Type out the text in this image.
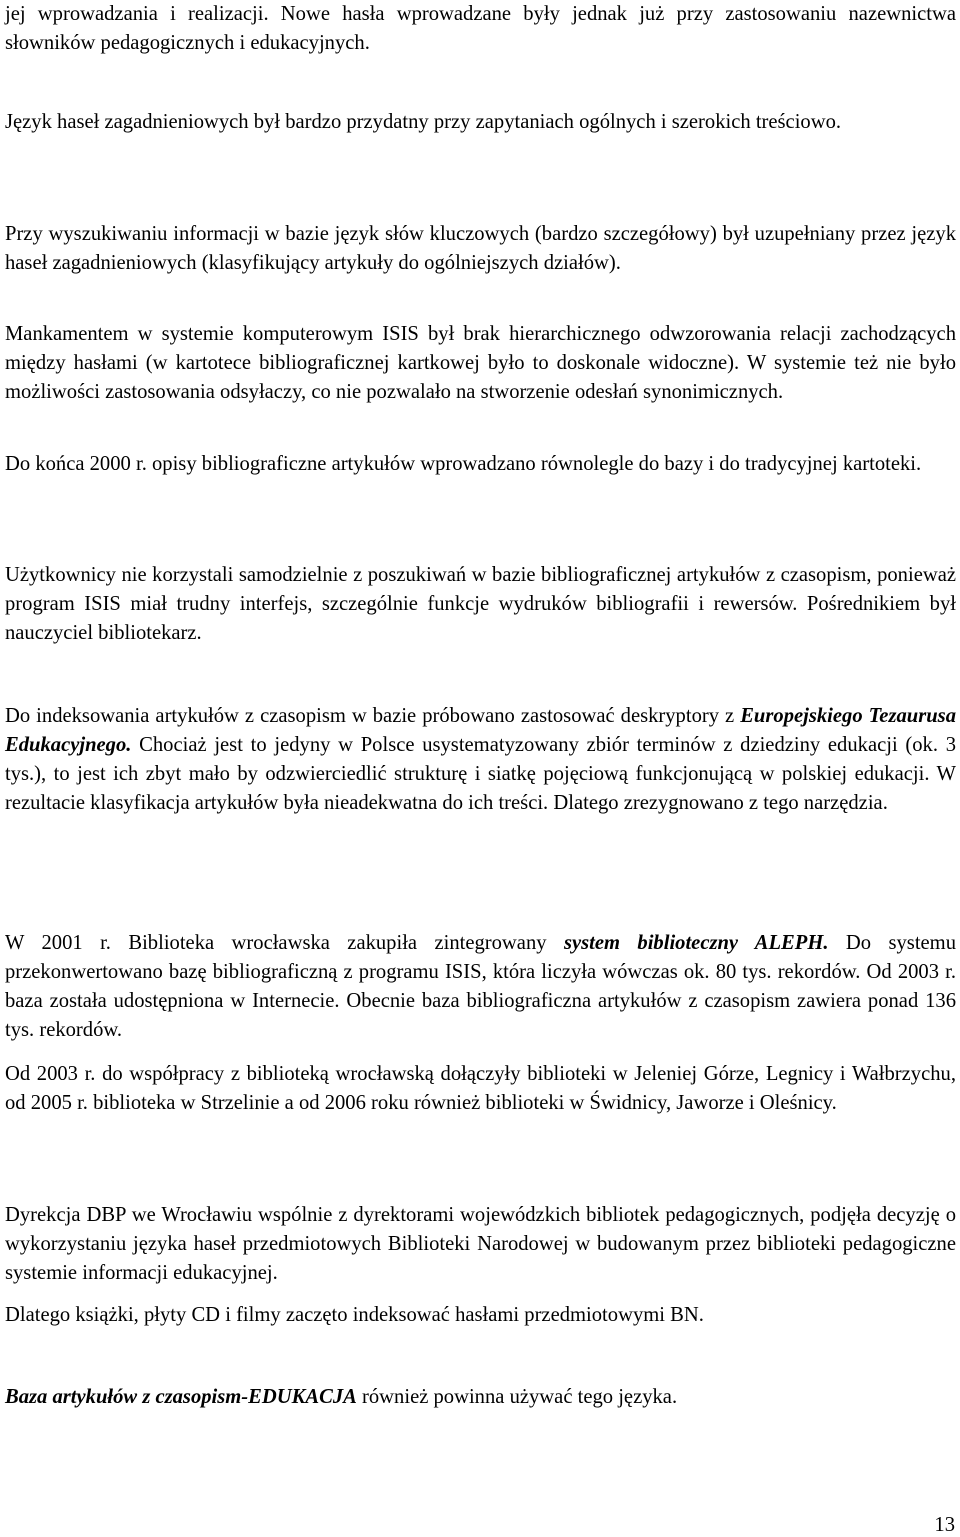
jej wprowadzania i realizacji. Nowe hasła wprowadzane były jednak już przy zastosowaniu nazewnictwa słowników pedagogicznych i edukacyjnych.

Język haseł zagadnieniowych był bardzo przydatny przy zapytaniach ogólnych i szerokich treściowo.

Przy wyszukiwaniu informacji w bazie język słów kluczowych (bardzo szczegółowy) był uzupełniany przez język haseł zagadnieniowych (klasyfikujący artykuły do ogólniejszych działów).

Mankamentem w systemie komputerowym ISIS był brak hierarchicznego odwzorowania relacji zachodzących między hasłami (w kartotece bibliograficznej kartkowej było to doskonale widoczne). W systemie też nie było możliwości zastosowania odsyłaczy, co nie pozwalało na stworzenie odesłań synonimicznych.

Do końca 2000 r. opisy bibliograficzne artykułów wprowadzano równolegle do bazy i do tradycyjnej kartoteki.

Użytkownicy nie korzystali samodzielnie z poszukiwań w bazie bibliograficznej artykułów z czasopism, ponieważ program ISIS miał trudny interfejs, szczególnie funkcje wydruków bibliografii i rewersów. Pośrednikiem był nauczyciel bibliotekarz.

Do indeksowania artykułów z czasopism w bazie próbowano zastosować deskryptory z Europejskiego Tezaurusa Edukacyjnego. Chociaż jest to jedyny w Polsce usystematyzowany zbiór terminów z dziedziny edukacji (ok. 3 tys.), to jest ich zbyt mało by odzwierciedlić strukturę i siatkę pojęciową funkcjonującą w polskiej edukacji. W rezultacie klasyfikacja artykułów była nieadekwatna do ich treści. Dlatego zrezygnowano z tego narzędzia.

W 2001 r. Biblioteka wrocławska zakupiła zintegrowany system biblioteczny ALEPH. Do systemu przekonwertowano bazę bibliograficzną z programu ISIS, która liczyła wówczas ok. 80 tys. rekordów. Od 2003 r. baza została udostępniona w Internecie. Obecnie baza bibliograficzna artykułów z czasopism zawiera ponad 136 tys. rekordów.

Od 2003 r. do współpracy z biblioteką wrocławską dołączyły biblioteki w Jeleniej Górze, Legnicy i Wałbrzychu, od 2005 r. biblioteka w Strzelinie a od 2006 roku również biblioteki w Świdnicy, Jaworze i Oleśnicy.

Dyrekcja DBP we Wrocławiu wspólnie z dyrektorami wojewódzkich bibliotek pedagogicznych, podjęła decyzję o wykorzystaniu języka haseł przedmiotowych Biblioteki Narodowej w budowanym przez biblioteki pedagogiczne systemie informacji edukacyjnej.

Dlatego książki, płyty CD i filmy zaczęto indeksować hasłami przedmiotowymi BN.

Baza artykułów z czasopism-EDUKACJA również powinna używać tego języka.

13
